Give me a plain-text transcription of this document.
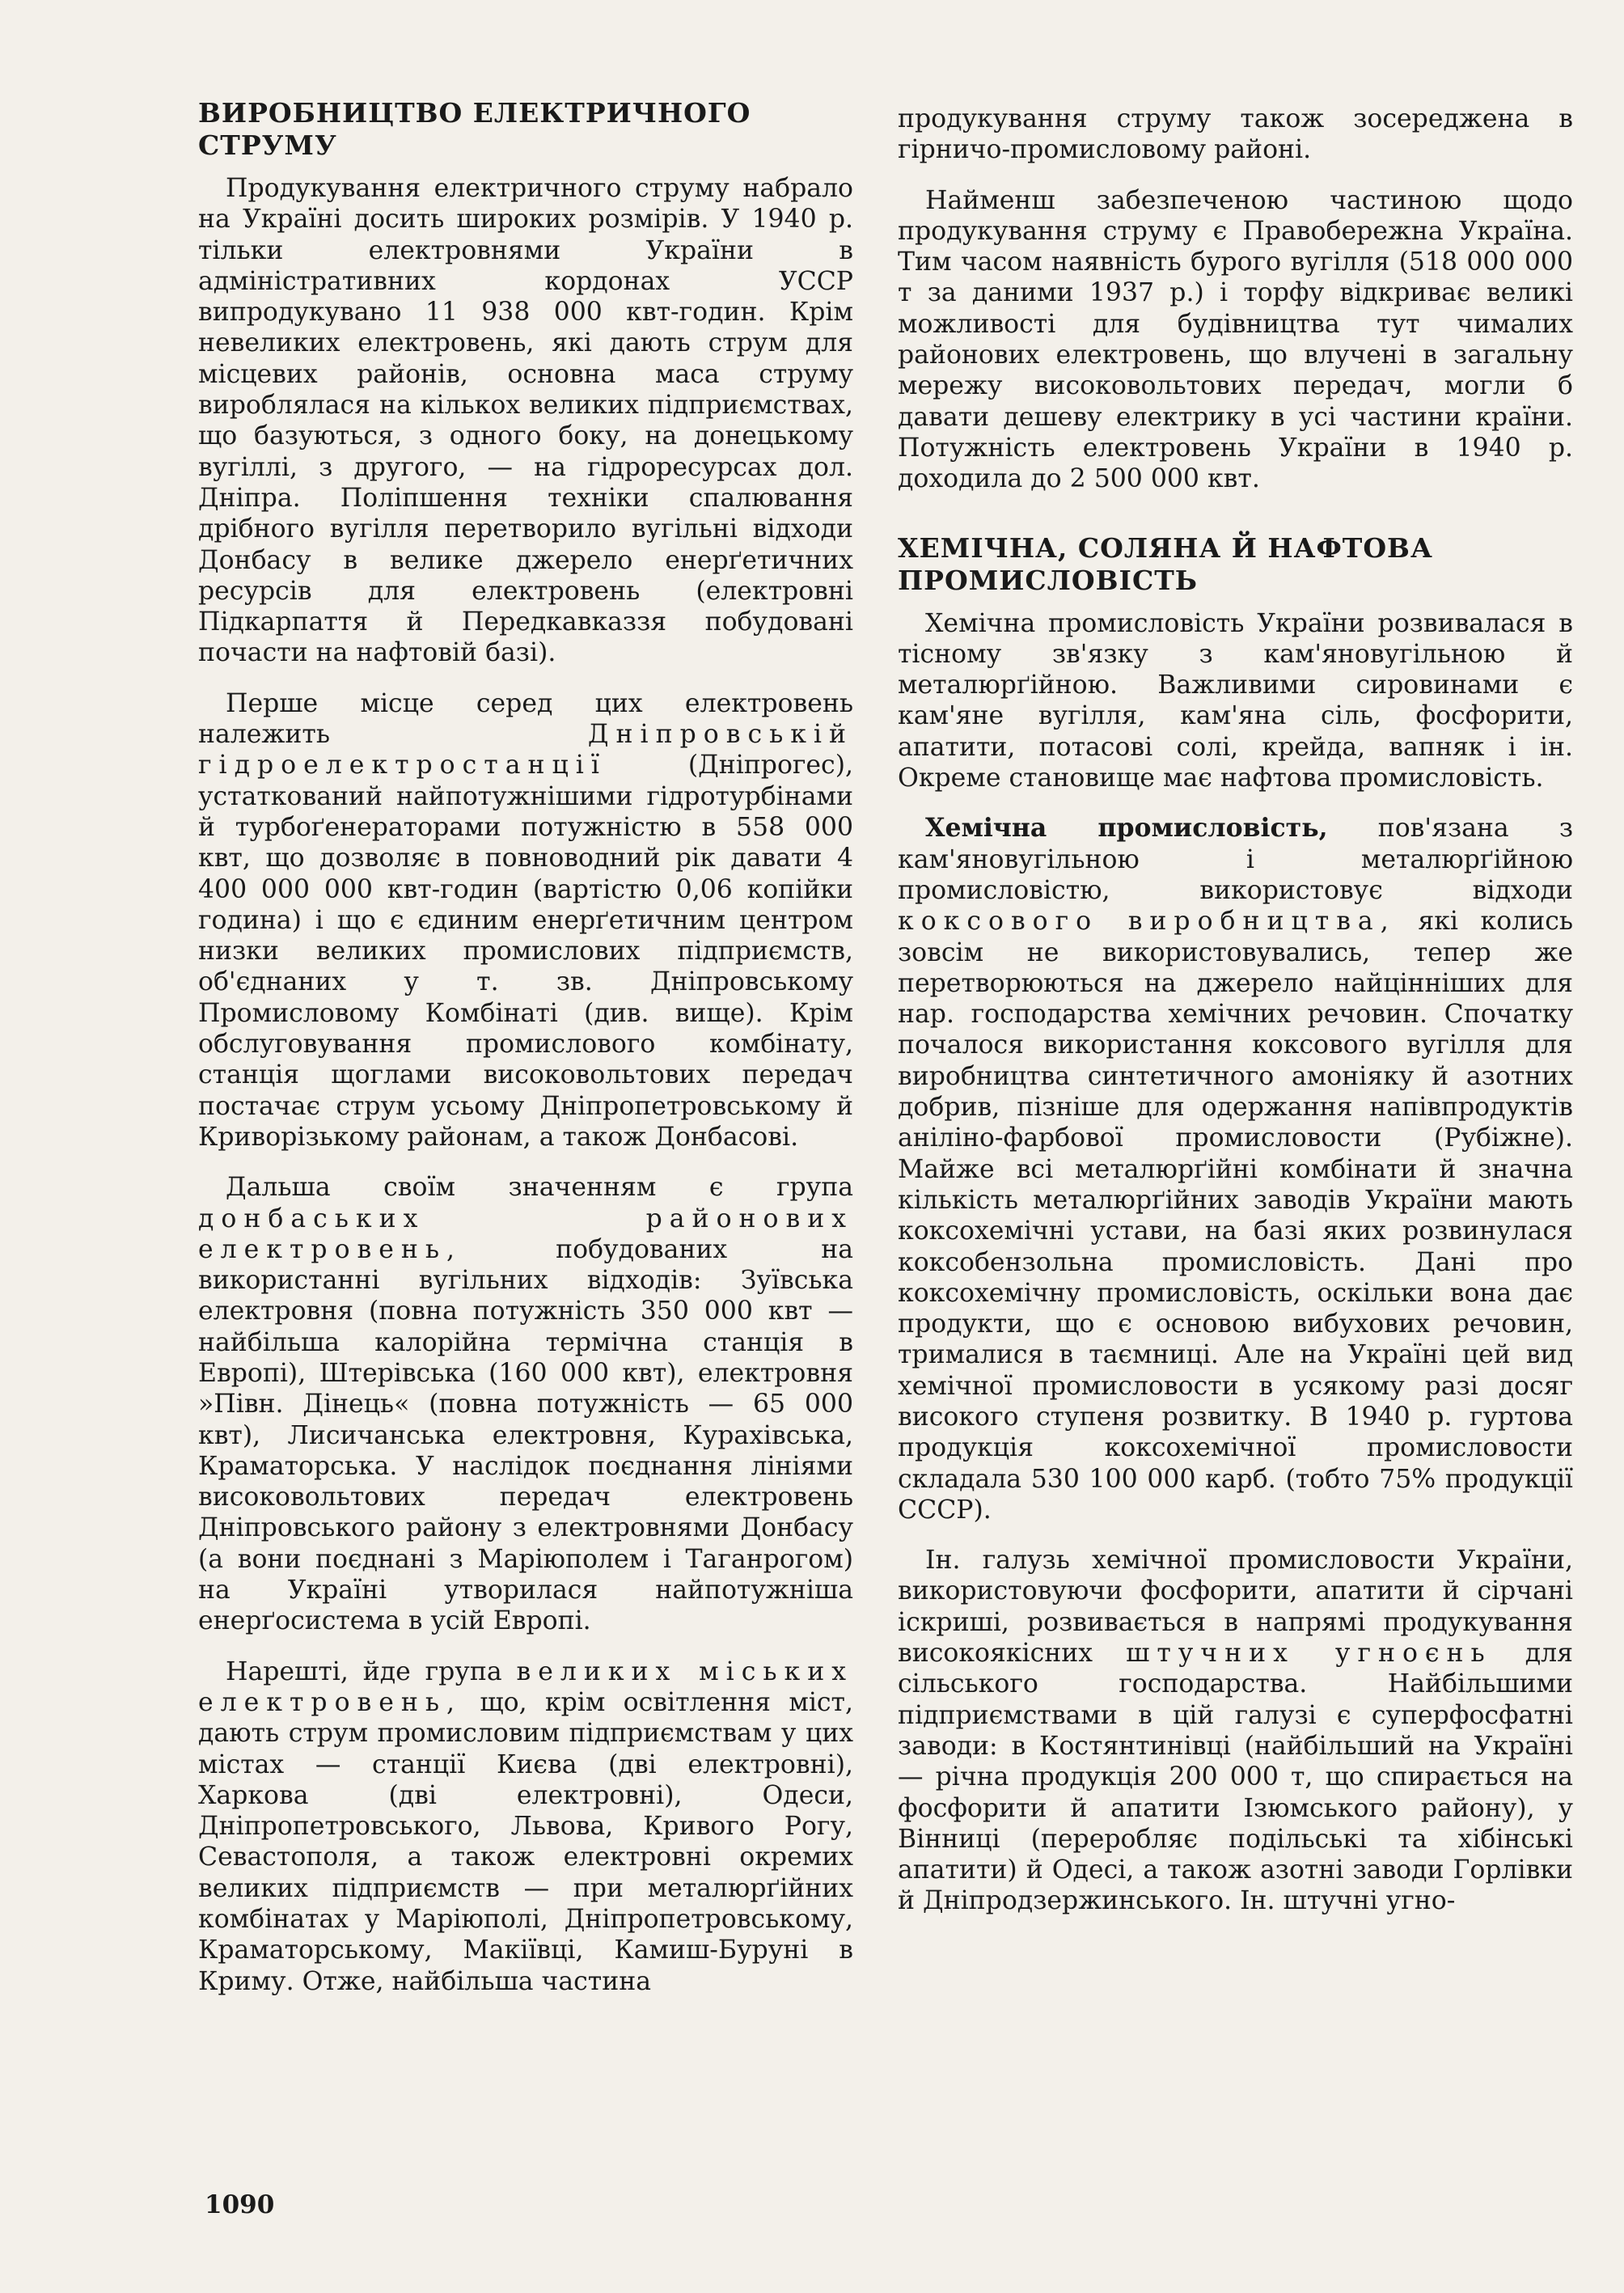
ВИРОБНИЦТВО ЕЛЕКТРИЧНОГО СТРУМУ

Продукування електричного струму набрало на Україні досить широких розмірів. У 1940 р. тільки електровнями України в адміністративних кордонах УССР випродукувано 11 938 000 квт-годин. Крім невеликих електровень, які дають струм для місцевих районів, основна маса струму вироблялася на кількох великих підприємствах, що базуються, з одного боку, на донецькому вугіллі, з другого, — на гідроресурсах дол. Дніпра. Поліпшення техніки спалювання дрібного вугілля перетворило вугільні відходи Донбасу в велике джерело енерґетичних ресурсів для електровень (електровні Підкарпаття й Передкавказзя побудовані почасти на нафтовій базі).

Перше місце серед цих електровень належить	Дніпровській гідроелектростанції	(Дніпрогес), устаткований найпотужнішими гідротурбінами й турбоґенераторами потужністю в 558 000 квт, що дозволяє в повноводний рік давати 4 400 000 000 квт-годин (вартістю 0,06 копійки година) і що є єдиним енерґетичним центром низки великих промислових підприємств, об'єднаних у т. зв. Дніпровському Промисловому Комбінаті (див. вище). Крім обслуговування промислового комбінату, станція щоглами високовольтових передач постачає струм усьому Дніпропетровському й Криворізькому районам, а також Донбасові.

Дальша своїм значенням є група донбаських районових електровень,	побудованих на використанні вугільних відходів: Зуївська електровня (повна потужність 350 000 квт — найбільша калорійна термічна станція в Европі), Штерівська (160 000 квт), електровня »Півн. Дінець« (повна потужність — 65 000 квт), Лисичанська електровня, Курахівська, Краматорська. У наслідок поєднання лініями високовольтових передач електровень Дніпровського району з електровнями Донбасу (а вони поєднані з Маріюполем і Таганрогом) на Україні утворилася найпотужніша енерґосистема в усій Европі.

Нарешті, йде група великих міських електровень, що, крім освітлення міст, дають струм промисловим підприємствам у цих містах — станції Києва (дві електровні), Харкова (дві електровні), Одеси, Дніпропетровського, Львова, Кривого Рогу, Севастополя, а також електровні окремих великих підприємств — при металюрґійних комбінатах у Маріюполі, Дніпропетровському, Краматорському, Макіївці, Камиш-Буруні в Криму. Отже, найбільша частина

продукування струму також зосереджена в гірничо-промисловому районі.

Найменш забезпеченою частиною щодо продукування струму є Правобережна Україна. Тим часом наявність бурого вугілля (518 000 000 т за даними 1937 р.) і торфу відкриває великі можливості для будівництва тут чималих районових електровень, що влучені в загальну мережу високовольтових передач, могли б давати дешеву електрику в усі частини країни. Потужність електровень України в 1940 р. доходила до 2 500 000 квт.

ХЕМІЧНА, СОЛЯНА Й НАФТОВА ПРОМИСЛОВІСТЬ

Хемічна промисловість України розвивалася в тісному зв'язку з кам'яновугільною й металюрґійною. Важливими сировинами є кам'яне вугілля, кам'яна сіль, фосфорити, апатити, потасові солі, крейда, вапняк і ін. Окреме становище має нафтова промисловість.

Хемічна промисловість, пов'язана з кам'яновугільною і металюрґійною промисловістю, використовує відходи коксового виробництва, які колись зовсім не використовувались, тепер же перетворюються на джерело найцінніших для нар. господарства хемічних речовин. Спочатку почалося використання коксового вугілля для виробництва синтетичного амоніяку й азотних добрив, пізніше для одержання напівпродуктів аніліно-фарбової промисловости (Рубіжне). Майже всі металюрґійні комбінати й значна кількість металюрґійних заводів України мають коксохемічні устави, на базі яких розвинулася коксобензольна промисловість. Дані про коксохемічну промисловість, оскільки вона дає продукти, що є основою вибухових речовин, трималися в таємниці. Але на Україні цей вид хемічної промисловости в усякому разі досяг високого ступеня розвитку. В 1940 р. гуртова продукція коксохемічної промисловости складала 530 100 000 карб. (тобто 75% продукції СССР).

Ін. галузь хемічної промисловости України, використовуючи фосфорити, апатити й сірчані іскриші, розвивається в напрямі продукування високоякісних штучних угноєнь для сільського господарства. Найбільшими підприємствами в цій галузі є суперфосфатні заводи: в Костянтинівці (найбільший на Україні — річна продукція 200 000 т, що спирається на фосфорити й апатити Ізюмського району), у Вінниці (переробляє подільські та хібінські апатити) й Одесі, а також азотні заводи Горлівки й Дніпродзержинського. Ін. штучні угно-

1090
